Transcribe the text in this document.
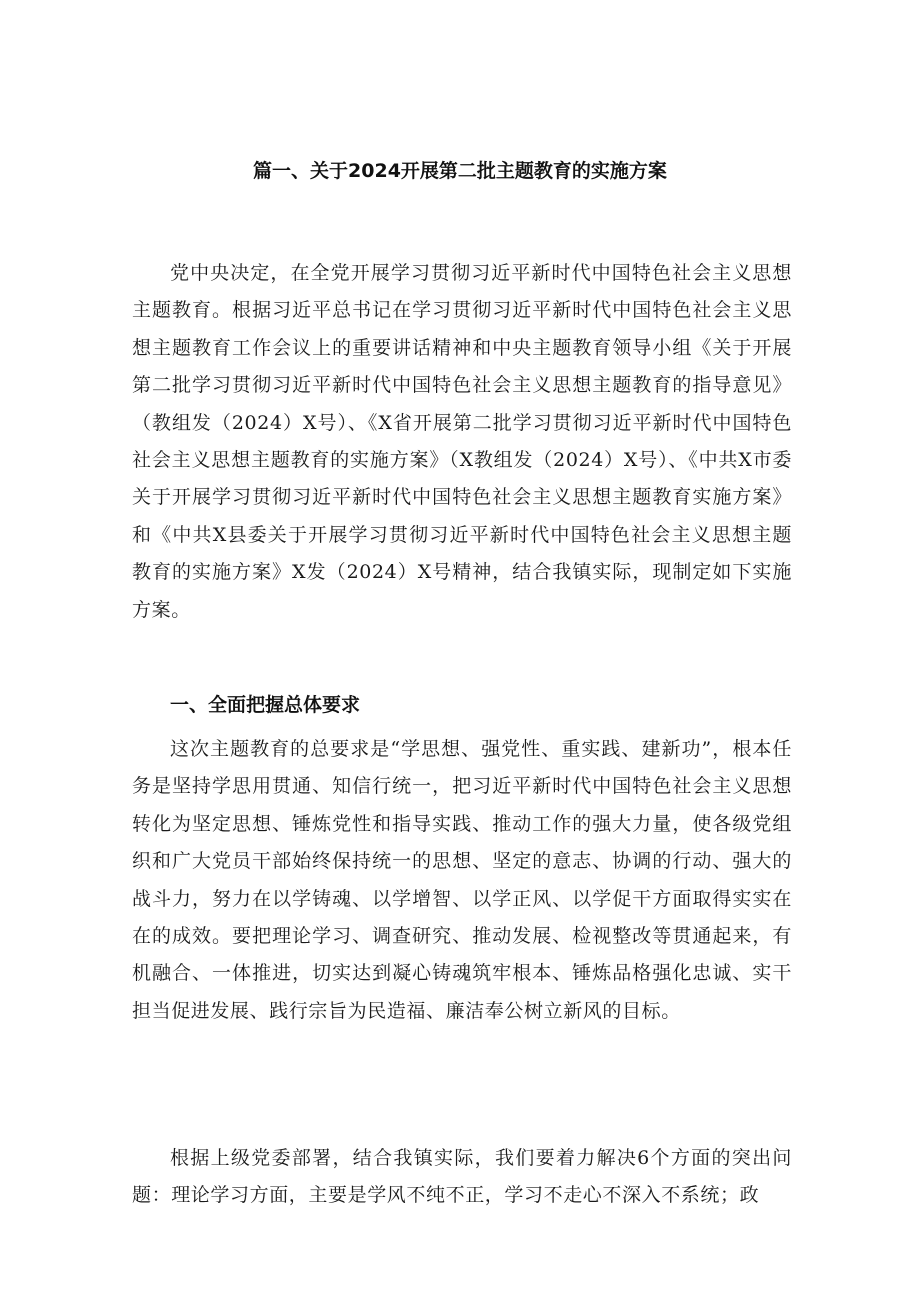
篇一、关于2024开展第二批主题教育的实施方案

党中央决定，在全党开展学习贯彻习近平新时代中国特色社会主义思想主题教育。根据习近平总书记在学习贯彻习近平新时代中国特色社会主义思想主题教育工作会议上的重要讲话精神和中央主题教育领导小组《关于开展第二批学习贯彻习近平新时代中国特色社会主义思想主题教育的指导意见》（教组发（2024）X号）、《X省开展第二批学习贯彻习近平新时代中国特色社会主义思想主题教育的实施方案》（X教组发（2024）X号）、《中共X市委关于开展学习贯彻习近平新时代中国特色社会主义思想主题教育实施方案》和《中共X县委关于开展学习贯彻习近平新时代中国特色社会主义思想主题教育的实施方案》X发（2024）X号精神，结合我镇实际，现制定如下实施方案。

一、全面把握总体要求

这次主题教育的总要求是“学思想、强党性、重实践、建新功”，根本任务是坚持学思用贯通、知信行统一，把习近平新时代中国特色社会主义思想转化为坚定思想、锤炼党性和指导实践、推动工作的强大力量，使各级党组织和广大党员干部始终保持统一的思想、坚定的意志、协调的行动、强大的战斗力，努力在以学铸魂、以学增智、以学正风、以学促干方面取得实实在在的成效。要把理论学习、调查研究、推动发展、检视整改等贯通起来，有机融合、一体推进，切实达到凝心铸魂筑牢根本、锤炼品格强化忠诚、实干担当促进发展、践行宗旨为民造福、廉洁奉公树立新风的目标。

根据上级党委部署，结合我镇实际，我们要着力解决6个方面的突出问题：理论学习方面，主要是学风不纯不正，学习不走心不深入不系统；政
